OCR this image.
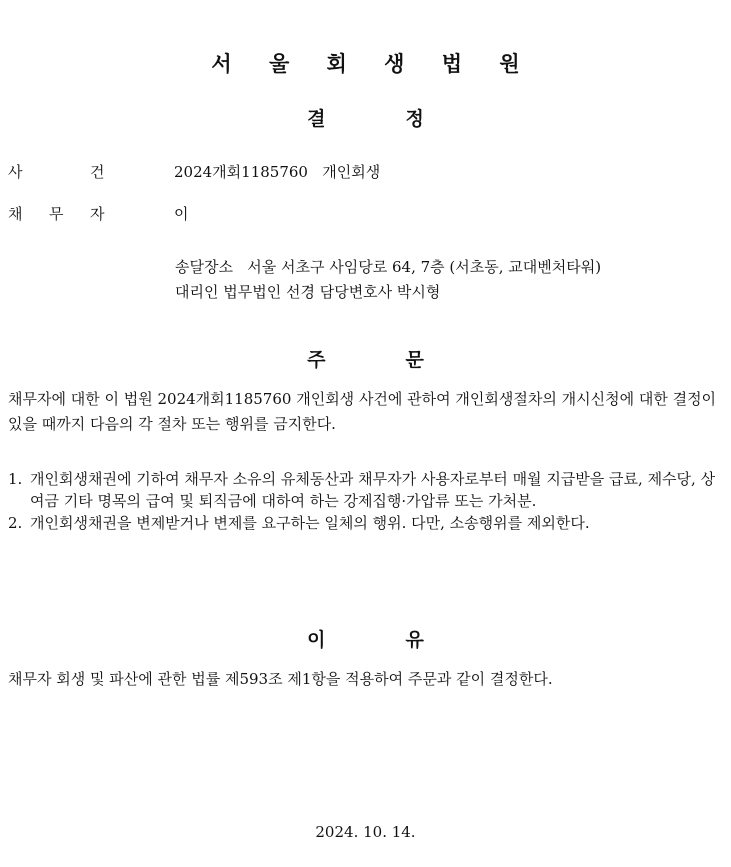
서 울 회 생 법 원
결	정
사	건	2024개회1185760 개인회생
채 무 자	이
송달장소 서울 서초구 사임당로 64, 7층 (서초동, 교대벤처타워)
대리인 법무법인 선경 담당변호사 박시형
주	문
채무자에 대한 이 법원 2024개회1185760 개인회생 사건에 관하여 개인회생절차의 개시신청에 대한 결정이 있을 때까지 다음의 각 절차 또는 행위를 금지한다.
1. 개인회생채권에 기하여 채무자 소유의 유체동산과 채무자가 사용자로부터 매월 지급받을 급료, 제수당, 상여금 기타 명목의 급여 및 퇴직금에 대하여 하는 강제집행·가압류 또는 가처분.
2. 개인회생채권을 변제받거나 변제를 요구하는 일체의 행위. 다만, 소송행위를 제외한다.
이	유
채무자 회생 및 파산에 관한 법률 제593조 제1항을 적용하여 주문과 같이 결정한다.
2024. 10. 14.
